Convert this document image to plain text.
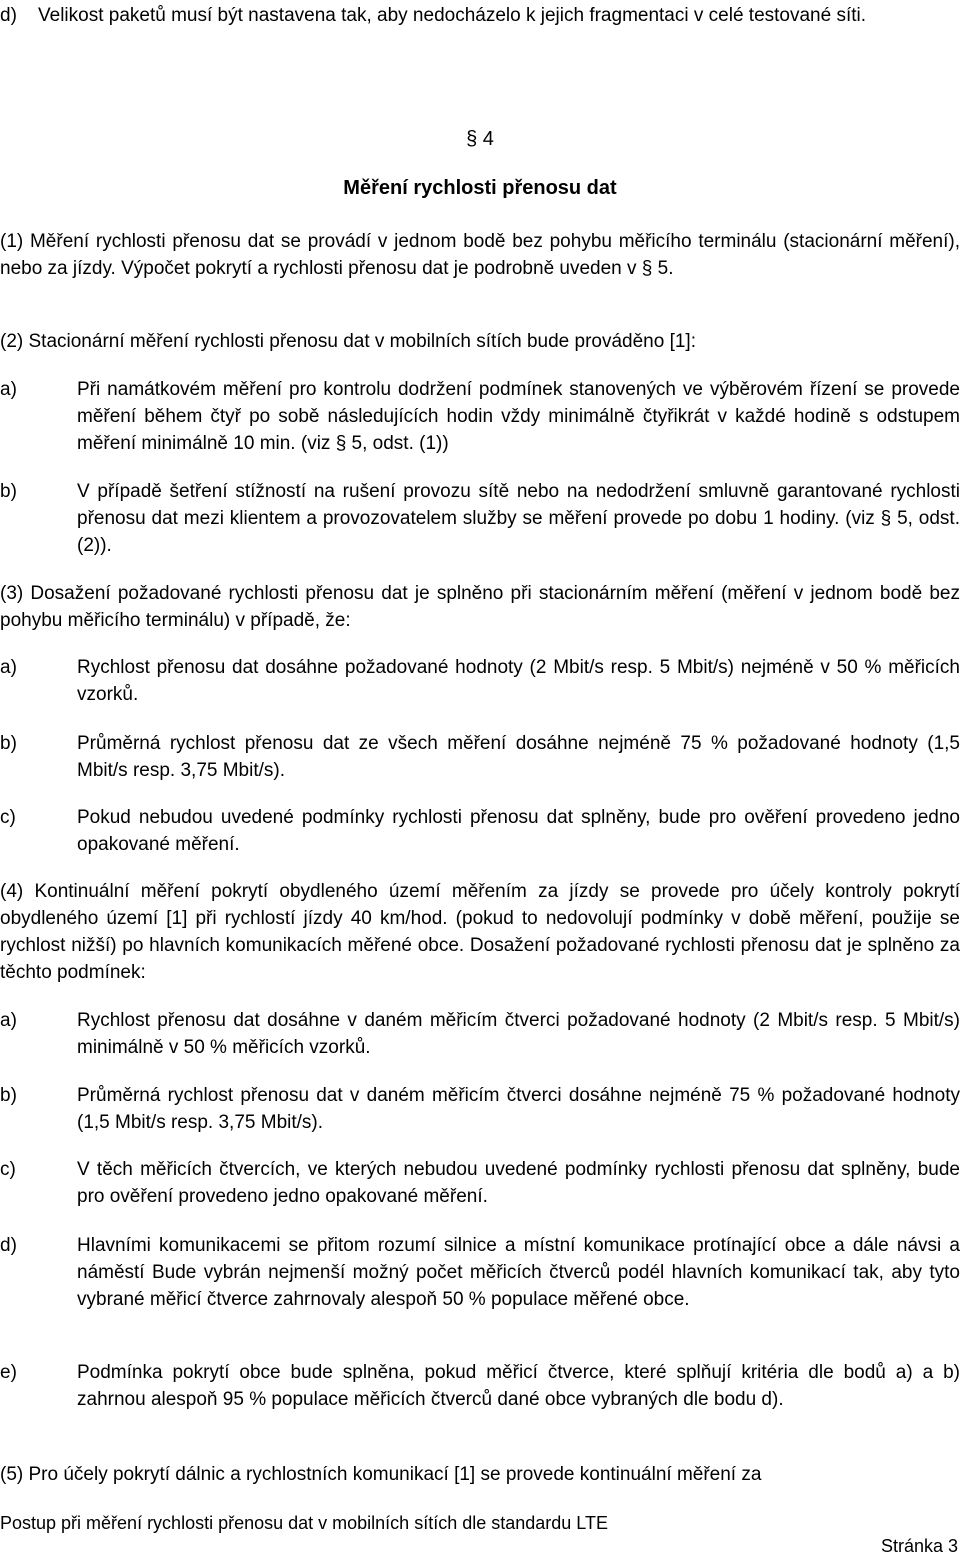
d) Velikost paketů musí být nastavena tak, aby nedocházelo k jejich fragmentaci v celé testované síti.

§ 4
Měření rychlosti přenosu dat

(1) Měření rychlosti přenosu dat se provádí v jednom bodě bez pohybu měřicího terminálu (stacionární měření), nebo za jízdy. Výpočet pokrytí a rychlosti přenosu dat je podrobně uveden v § 5.

(2) Stacionární měření rychlosti přenosu dat v mobilních sítích bude prováděno [1]:

a)	Při namátkovém měření pro kontrolu dodržení podmínek stanovených ve výběrovém řízení se provede měření během čtyř po sobě následujících hodin vždy minimálně čtyřikrát v každé hodině s odstupem měření minimálně 10 min. (viz § 5, odst. (1))

b)	V případě šetření stížností na rušení provozu sítě nebo na nedodržení smluvně garantované rychlosti přenosu dat mezi klientem a provozovatelem služby se měření provede po dobu 1 hodiny. (viz § 5, odst. (2)).

(3) Dosažení požadované rychlosti přenosu dat je splněno při stacionárním měření (měření v jednom bodě bez pohybu měřicího terminálu) v případě, že:

a)	Rychlost přenosu dat dosáhne požadované hodnoty (2 Mbit/s resp. 5 Mbit/s) nejméně v 50 % měřicích vzorků.

b)	Průměrná rychlost přenosu dat ze všech měření dosáhne nejméně 75 % požadované hodnoty (1,5 Mbit/s resp. 3,75 Mbit/s).

c)	Pokud nebudou uvedené podmínky rychlosti přenosu dat splněny, bude pro ověření provedeno jedno opakované měření.

(4) Kontinuální měření pokrytí obydleného území měřením za jízdy se provede pro účely kontroly pokrytí obydleného území [1] při rychlostí jízdy 40 km/hod. (pokud to nedovolují podmínky v době měření, použije se rychlost nižší) po hlavních komunikacích měřené obce. Dosažení požadované rychlosti přenosu dat je splněno za těchto podmínek:

a)	Rychlost přenosu dat dosáhne v daném měřicím čtverci požadované hodnoty (2 Mbit/s resp. 5 Mbit/s) minimálně v 50 % měřicích vzorků.

b)	Průměrná rychlost přenosu dat v daném měřicím čtverci dosáhne nejméně 75 % požadované hodnoty (1,5 Mbit/s resp. 3,75 Mbit/s).

c)	V těch měřicích čtvercích, ve kterých nebudou uvedené podmínky rychlosti přenosu dat splněny, bude pro ověření provedeno jedno opakované měření.

d)	Hlavními komunikacemi se přitom rozumí silnice a místní komunikace protínající obce a dále návsi a náměstí Bude vybrán nejmenší možný počet měřicích čtverců podél hlavních komunikací tak, aby tyto vybrané měřicí čtverce zahrnovaly alespoň 50 % populace měřené obce.

e)	Podmínka pokrytí obce bude splněna, pokud měřicí čtverce, které splňují kritéria dle bodů a) a b) zahrnou alespoň 95 % populace měřicích čtverců dané obce vybraných dle bodu d).

(5) Pro účely pokrytí dálnic a rychlostních komunikací [1] se provede kontinuální měření za

Postup při měření rychlosti přenosu dat v mobilních sítích dle standardu LTE
Stránka 3
